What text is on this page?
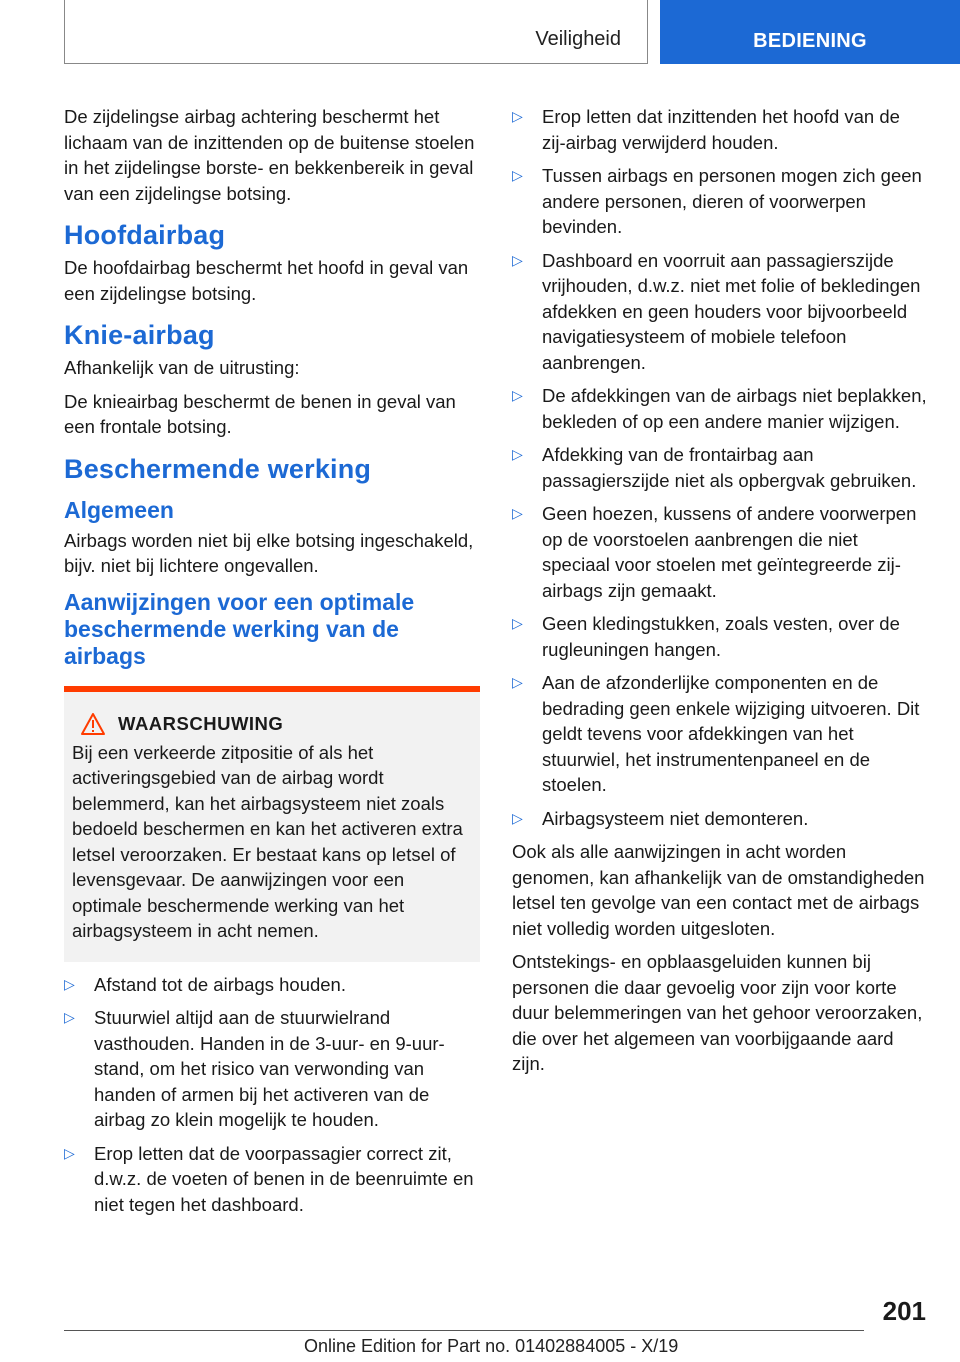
Veiligheid	BEDIENING

De zijdelingse airbag achtering beschermt het lichaam van de inzittenden op de buitense stoelen in het zijdelingse borste- en bekkenbereik in geval van een zijdelingse botsing.

Hoofdairbag

De hoofdairbag beschermt het hoofd in geval van een zijdelingse botsing.

Knie-airbag

Afhankelijk van de uitrusting:

De knieairbag beschermt de benen in geval van een frontale botsing.

Beschermende werking
Algemeen

Airbags worden niet bij elke botsing ingeschakeld, bijv. niet bij lichtere ongevallen.

Aanwijzingen voor een optimale beschermende werking van de airbags
WAARSCHUWING

Bij een verkeerde zitpositie of als het activeringsgebied van de airbag wordt belemmerd, kan het airbagsysteem niet zoals bedoeld beschermen en kan het activeren extra letsel veroorzaken. Er bestaat kans op letsel of levensgevaar. De aanwijzingen voor een optimale beschermende werking van het airbagsysteem in acht nemen.

▷	Afstand tot de airbags houden.
▷	Stuurwiel altijd aan de stuurwielrand vasthouden. Handen in de 3-uur- en 9-uur-stand, om het risico van verwonding van handen of armen bij het activeren van de airbag zo klein mogelijk te houden.
▷	Erop letten dat de voorpassagier correct zit, d.w.z. de voeten of benen in de beenruimte en niet tegen het dashboard.
▷	Erop letten dat inzittenden het hoofd van de zij-airbag verwijderd houden.
▷	Tussen airbags en personen mogen zich geen andere personen, dieren of voorwerpen bevinden.
▷	Dashboard en voorruit aan passagierszijde vrijhouden, d.w.z. niet met folie of bekledingen afdekken en geen houders voor bijvoorbeeld navigatiesysteem of mobiele telefoon aanbrengen.
▷	De afdekkingen van de airbags niet beplakken, bekleden of op een andere manier wijzigen.
▷	Afdekking van de frontairbag aan passagierszijde niet als opbergvak gebruiken.
▷	Geen hoezen, kussens of andere voorwerpen op de voorstoelen aanbrengen die niet speciaal voor stoelen met geïntegreerde zij-airbags zijn gemaakt.
▷	Geen kledingstukken, zoals vesten, over de rugleuningen hangen.
▷	Aan de afzonderlijke componenten en de bedrading geen enkele wijziging uitvoeren. Dit geldt tevens voor afdekkingen van het stuurwiel, het instrumentenpaneel en de stoelen.
▷	Airbagsysteem niet demonteren.

Ook als alle aanwijzingen in acht worden genomen, kan afhankelijk van de omstandigheden letsel ten gevolge van een contact met de airbags niet volledig worden uitgesloten.

Ontstekings- en opblaasgeluiden kunnen bij personen die daar gevoelig voor zijn voor korte duur belemmeringen van het gehoor veroorzaken, die over het algemeen van voorbijgaande aard zijn.

201
Online Edition for Part no. 01402884005 - X/19
